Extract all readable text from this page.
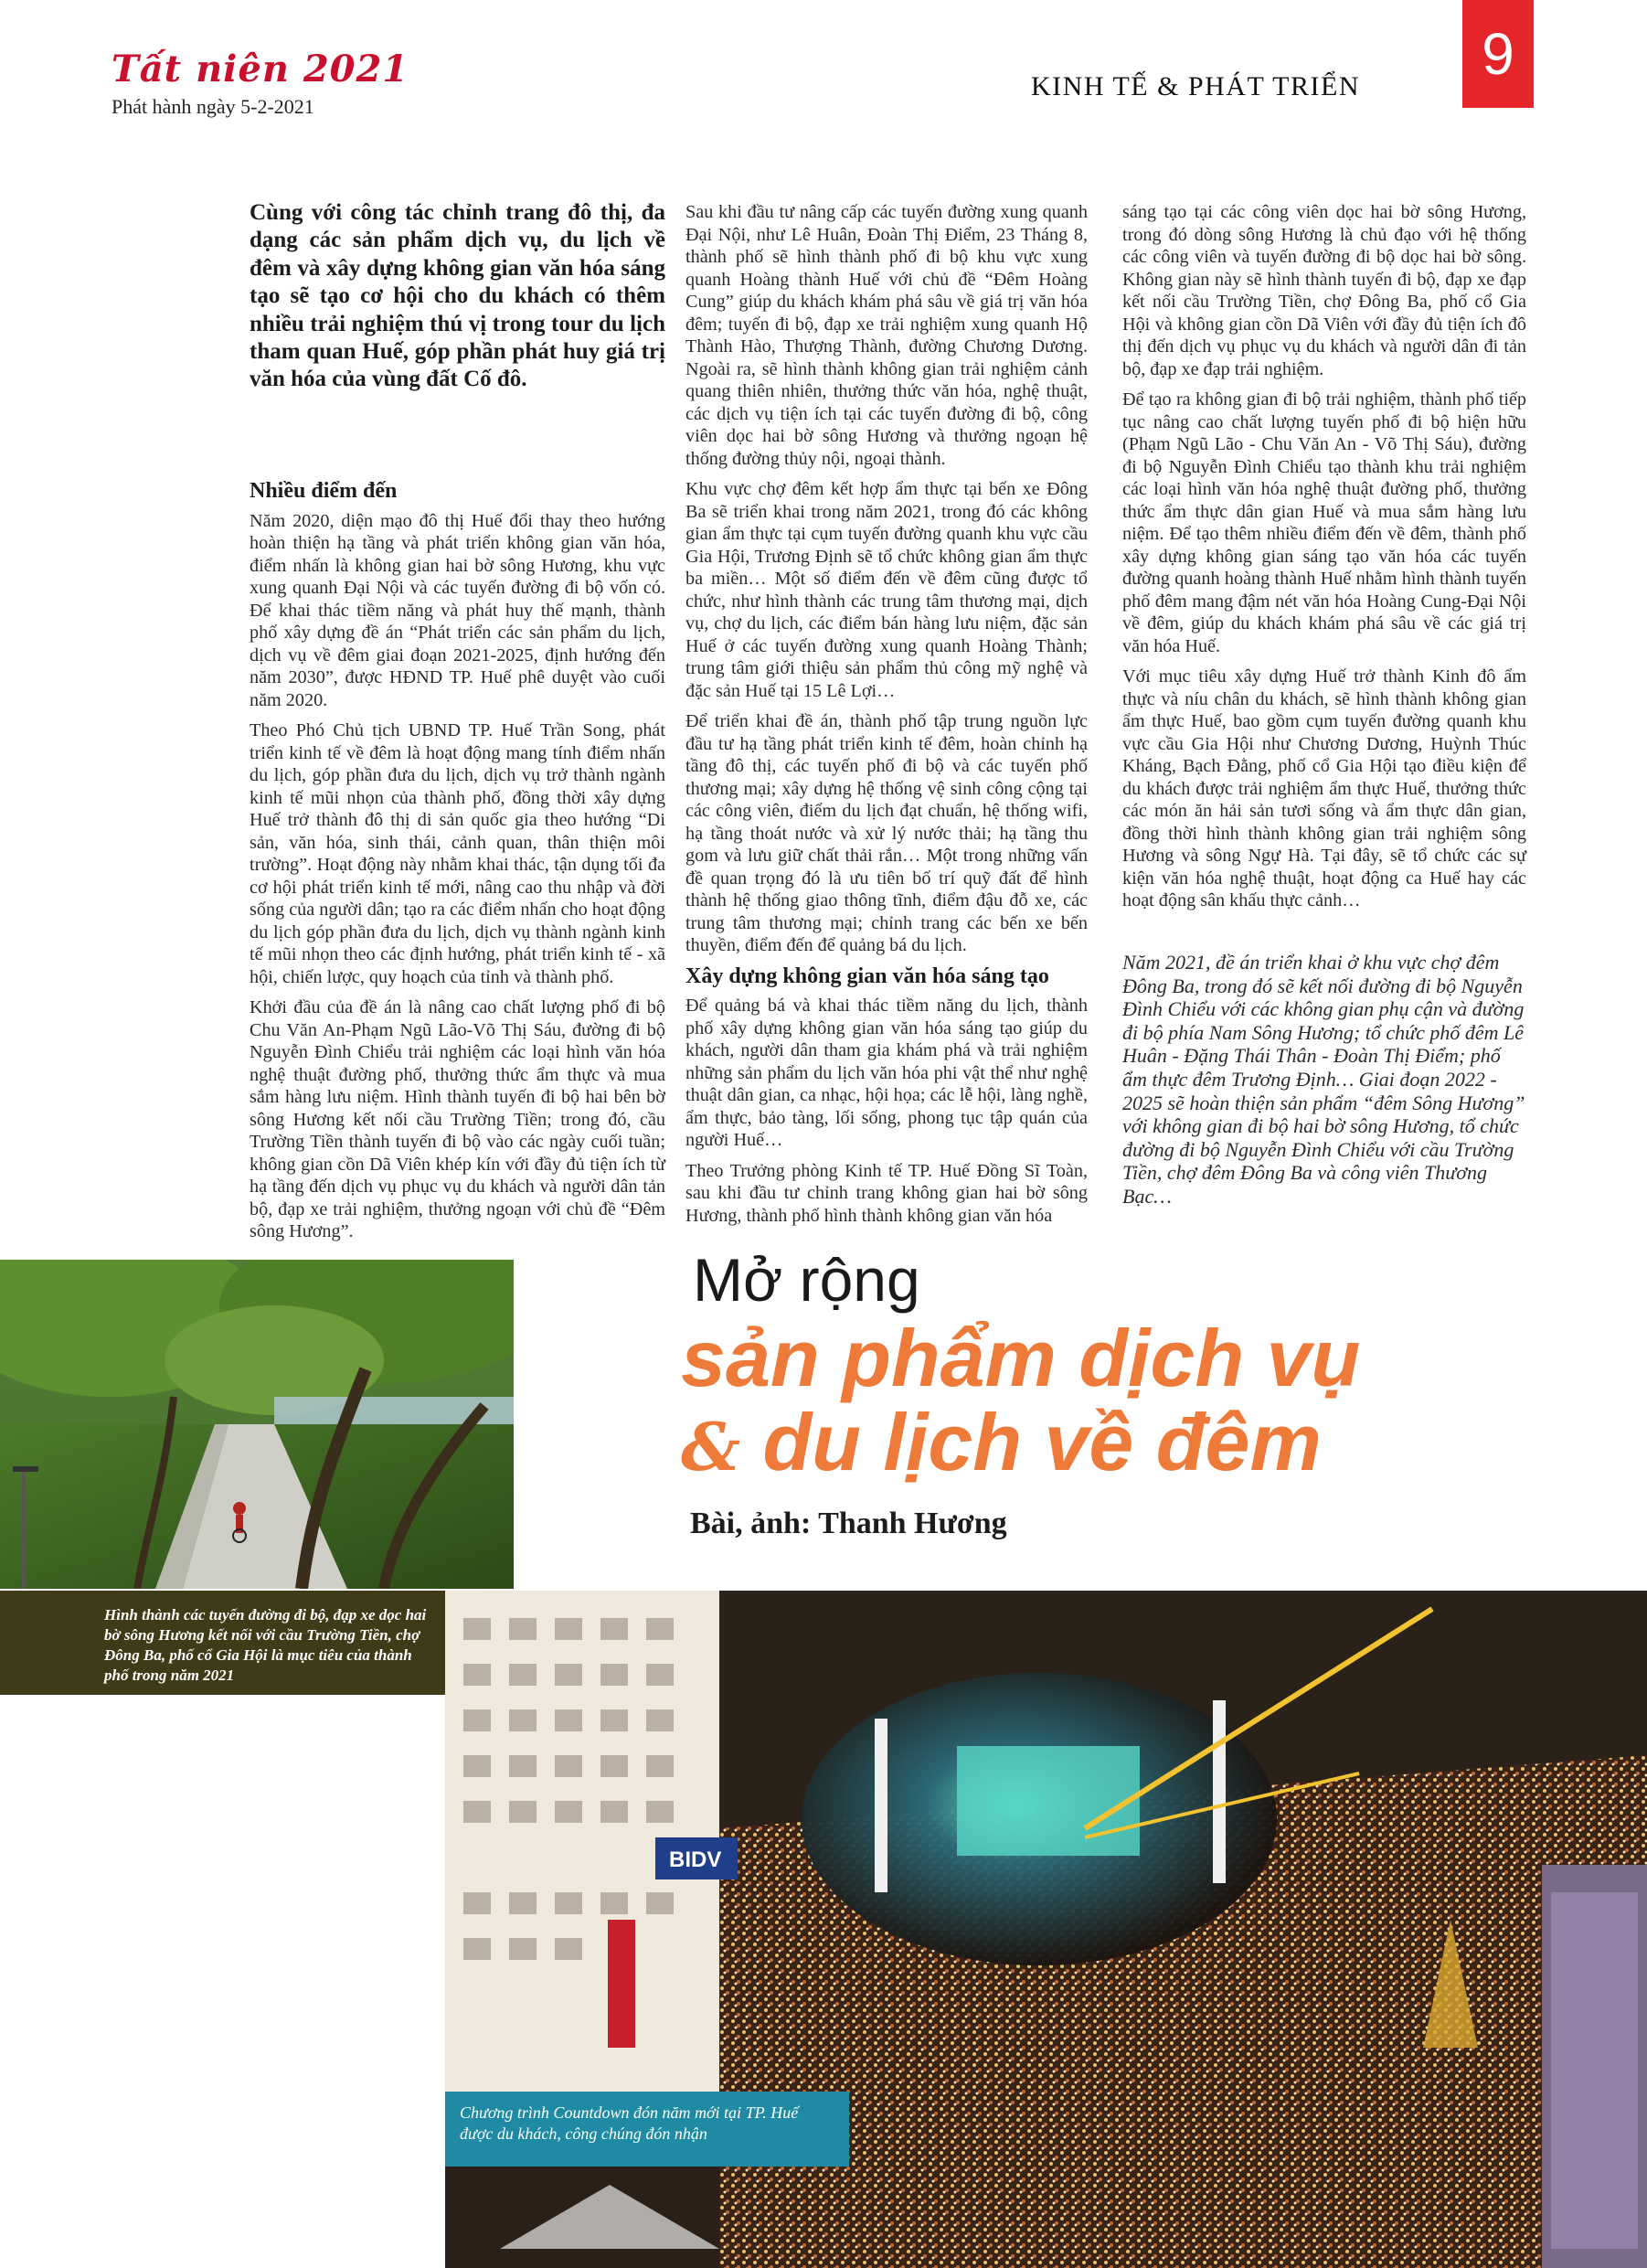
Tất niên 2021
Phát hành ngày 5-2-2021
KINH TẾ & PHÁT TRIỂN	9
Cùng với công tác chỉnh trang đô thị, đa dạng các sản phẩm dịch vụ, du lịch về đêm và xây dựng không gian văn hóa sáng tạo sẽ tạo cơ hội cho du khách có thêm nhiều trải nghiệm thú vị trong tour du lịch tham quan Huế, góp phần phát huy giá trị văn hóa của vùng đất Cố đô.
Nhiều điểm đến

Năm 2020, diện mạo đô thị Huế đổi thay theo hướng hoàn thiện hạ tầng và phát triển không gian văn hóa, điểm nhấn là không gian hai bờ sông Hương, khu vực xung quanh Đại Nội và các tuyến đường đi bộ vốn có. Để khai thác tiềm năng và phát huy thế mạnh, thành phố xây dựng đề án “Phát triển các sản phẩm du lịch, dịch vụ về đêm giai đoạn 2021-2025, định hướng đến năm 2030”, được HĐND TP. Huế phê duyệt vào cuối năm 2020.

Theo Phó Chủ tịch UBND TP. Huế Trần Song, phát triển kinh tế về đêm là hoạt động mang tính điểm nhấn du lịch, góp phần đưa du lịch, dịch vụ trở thành ngành kinh tế mũi nhọn của thành phố, đồng thời xây dựng Huế trở thành đô thị di sản quốc gia theo hướng “Di sản, văn hóa, sinh thái, cảnh quan, thân thiện môi trường”. Hoạt động này nhằm khai thác, tận dụng tối đa cơ hội phát triển kinh tế mới, nâng cao thu nhập và đời sống của người dân; tạo ra các điểm nhấn cho hoạt động du lịch góp phần đưa du lịch, dịch vụ thành ngành kinh tế mũi nhọn theo các định hướng, phát triển kinh tế - xã hội, chiến lược, quy hoạch của tỉnh và thành phố.

Khởi đầu của đề án là nâng cao chất lượng phố đi bộ Chu Văn An-Phạm Ngũ Lão-Võ Thị Sáu, đường đi bộ Nguyễn Đình Chiểu trải nghiệm các loại hình văn hóa nghệ thuật đường phố, thưởng thức ẩm thực và mua sắm hàng lưu niệm. Hình thành tuyến đi bộ hai bên bờ sông Hương kết nối cầu Trường Tiền; trong đó, cầu Trường Tiền thành tuyến đi bộ vào các ngày cuối tuần; không gian cồn Dã Viên khép kín với đầy đủ tiện ích từ hạ tầng đến dịch vụ phục vụ du khách và người dân tản bộ, đạp xe trải nghiệm, thưởng ngoạn với chủ đề “Đêm sông Hương”.

Sau khi đầu tư nâng cấp các tuyến đường xung quanh Đại Nội, như Lê Huân, Đoàn Thị Điểm, 23 Tháng 8, thành phố sẽ hình thành phố đi bộ khu vực xung quanh Hoàng thành Huế với chủ đề “Đêm Hoàng Cung” giúp du khách khám phá sâu về giá trị văn hóa đêm; tuyến đi bộ, đạp xe trải nghiệm xung quanh Hộ Thành Hào, Thượng Thành, đường Chương Dương. Ngoài ra, sẽ hình thành không gian trải nghiệm cảnh quang thiên nhiên, thưởng thức văn hóa, nghệ thuật, các dịch vụ tiện ích tại các tuyến đường đi bộ, công viên dọc hai bờ sông Hương và thưởng ngoạn hệ thống đường thủy nội, ngoại thành.

Khu vực chợ đêm kết hợp ẩm thực tại bến xe Đông Ba sẽ triển khai trong năm 2021, trong đó các không gian ẩm thực tại cụm tuyến đường quanh khu vực cầu Gia Hội, Trương Định sẽ tổ chức không gian ẩm thực ba miền… Một số điểm đến về đêm cũng được tổ chức, như hình thành các trung tâm thương mại, dịch vụ, chợ du lịch, các điểm bán hàng lưu niệm, đặc sản Huế ở các tuyến đường xung quanh Hoàng Thành; trung tâm giới thiệu sản phẩm thủ công mỹ nghệ và đặc sản Huế tại 15 Lê Lợi…

Để triển khai đề án, thành phố tập trung nguồn lực đầu tư hạ tầng phát triển kinh tế đêm, hoàn chỉnh hạ tầng đô thị, các tuyến phố đi bộ và các tuyến phố thương mại; xây dựng hệ thống vệ sinh công cộng tại các công viên, điểm du lịch đạt chuẩn, hệ thống wifi, hạ tầng thoát nước và xử lý nước thải; hạ tầng thu gom và lưu giữ chất thải rắn… Một trong những vấn đề quan trọng đó là ưu tiên bố trí quỹ đất để hình thành hệ thống giao thông tĩnh, điểm đậu đỗ xe, các trung tâm thương mại; chỉnh trang các bến xe bến thuyền, điểm đến để quảng bá du lịch.

Xây dựng không gian văn hóa sáng tạo

Để quảng bá và khai thác tiềm năng du lịch, thành phố xây dựng không gian văn hóa sáng tạo giúp du khách, người dân tham gia khám phá và trải nghiệm những sản phẩm du lịch văn hóa phi vật thể như nghệ thuật dân gian, ca nhạc, hội họa; các lễ hội, làng nghề, ẩm thực, bảo tàng, lối sống, phong tục tập quán của người Huế…

Theo Trưởng phòng Kinh tế TP. Huế Đồng Sĩ Toàn, sau khi đầu tư chỉnh trang không gian hai bờ sông Hương, thành phố hình thành không gian văn hóa

sáng tạo tại các công viên dọc hai bờ sông Hương, trong đó dòng sông Hương là chủ đạo với hệ thống các công viên và tuyến đường đi bộ dọc hai bờ sông. Không gian này sẽ hình thành tuyến đi bộ, đạp xe đạp kết nối cầu Trường Tiền, chợ Đông Ba, phố cổ Gia Hội và không gian cồn Dã Viên với đầy đủ tiện ích đô thị đến dịch vụ phục vụ du khách và người dân đi tản bộ, đạp xe đạp trải nghiệm.

Để tạo ra không gian đi bộ trải nghiệm, thành phố tiếp tục nâng cao chất lượng tuyến phố đi bộ hiện hữu (Phạm Ngũ Lão - Chu Văn An - Võ Thị Sáu), đường đi bộ Nguyễn Đình Chiểu tạo thành khu trải nghiệm các loại hình văn hóa nghệ thuật đường phố, thưởng thức ẩm thực dân gian Huế và mua sắm hàng lưu niệm. Để tạo thêm nhiều điểm đến về đêm, thành phố xây dựng không gian sáng tạo văn hóa các tuyến đường quanh hoàng thành Huế nhằm hình thành tuyến phố đêm mang đậm nét văn hóa Hoàng Cung-Đại Nội về đêm, giúp du khách khám phá sâu về các giá trị văn hóa Huế.

Với mục tiêu xây dựng Huế trở thành Kinh đô ẩm thực và níu chân du khách, sẽ hình thành không gian ẩm thực Huế, bao gồm cụm tuyến đường quanh khu vực cầu Gia Hội như Chương Dương, Huỳnh Thúc Kháng, Bạch Đằng, phố cổ Gia Hội tạo điều kiện để du khách được trải nghiệm ẩm thực Huế, thưởng thức các món ăn hải sản tươi sống và ẩm thực dân gian, đồng thời hình thành không gian trải nghiệm sông Hương và sông Ngự Hà. Tại đây, sẽ tổ chức các sự kiện văn hóa nghệ thuật, hoạt động ca Huế hay các hoạt động sân khấu thực cảnh…

Năm 2021, đề án triển khai ở khu vực chợ đêm Đông Ba, trong đó sẽ kết nối đường đi bộ Nguyễn Đình Chiểu với các không gian phụ cận và đường đi bộ phía Nam Sông Hương; tổ chức phố đêm Lê Huân - Đặng Thái Thân - Đoàn Thị Điểm; phố ẩm thực đêm Trương Định… Giai đoạn 2022 - 2025 sẽ hoàn thiện sản phẩm “đêm Sông Hương” với không gian đi bộ hai bờ sông Hương, tổ chức đường đi bộ Nguyễn Đình Chiểu với cầu Trường Tiền, chợ đêm Đông Ba và công viên Thương Bạc…
Mở rộng
sản phẩm dịch vụ
& du lịch về đêm
Bài, ảnh: Thanh Hương
Hình thành các tuyến đường đi bộ, đạp xe dọc hai bờ sông Hương kết nối với cầu Trường Tiền, chợ Đông Ba, phố cổ Gia Hội là mục tiêu của thành phố trong năm 2021
BIDV
Chương trình Countdown đón năm mới tại TP. Huế được du khách, công chúng đón nhận
